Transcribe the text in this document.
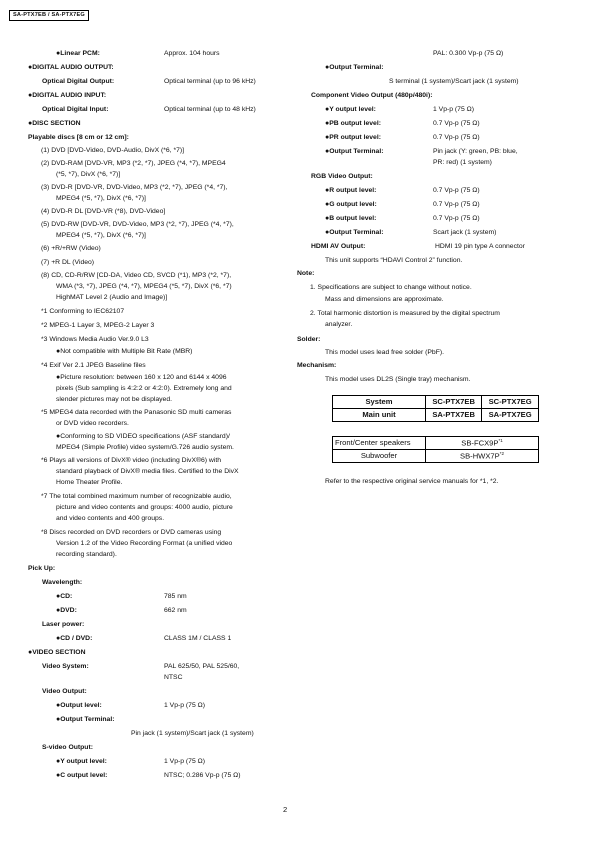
SA-PTX7EB / SA-PTX7EG
● Linear PCM:	Approx. 104 hours
● DIGITAL AUDIO OUTPUT:
Optical Digital Output:	Optical terminal (up to 96 kHz)
● DIGITAL AUDIO INPUT:
Optical Digital Input:	Optical terminal (up to 48 kHz)
● DISC SECTION
Playable discs [8 cm or 12 cm]:
(1) DVD [DVD-Video, DVD-Audio, DivX (*6, *7)]
(2) DVD-RAM [DVD-VR, MP3 (*2, *7), JPEG (*4, *7), MPEG4
(*5, *7), DivX (*6, *7)]
(3) DVD-R [DVD-VR, DVD-Video, MP3 (*2, *7), JPEG (*4, *7),
MPEG4 (*5, *7), DivX (*6, *7)]
(4) DVD-R DL [DVD-VR (*8), DVD-Video]
(5) DVD-RW [DVD-VR, DVD-Video, MP3 (*2, *7), JPEG (*4, *7),
MPEG4 (*5, *7), DivX (*6, *7)]
(6) +R/+RW (Video)
(7) +R DL (Video)
(8) CD, CD-R/RW [CD-DA, Video CD, SVCD (*1), MP3 (*2, *7),
WMA (*3, *7), JPEG (*4, *7), MPEG4 (*5, *7), DivX (*6, *7)
HighMAT Level 2 (Audio and Image)]
*1 Conforming to IEC62107
*2 MPEG-1 Layer 3, MPEG-2 Layer 3
*3 Windows Media Audio Ver.9.0 L3
● Not compatible with Multiple Bit Rate (MBR)
*4 Exif Ver 2.1 JPEG Baseline files
● Picture resolution: between 160 x 120 and 6144 x 4096
pixels (Sub sampling is 4:2:2 or 4:2:0). Extremely long and
slender pictures may not be displayed.
*5 MPEG4 data recorded with the Panasonic SD multi cameras
or DVD video recorders.
● Conforming to SD VIDEO specifications (ASF standard)/
MPEG4 (Simple Profile) video system/G.726 audio system.
*6 Plays all versions of DivX® video (including DivX®6) with
standard playback of DivX® media files. Certified to the DivX
Home Theater Profile.
*7 The total combined maximum number of recognizable audio,
picture and video contents and groups: 4000 audio, picture
and video contents and 400 groups.
*8 Discs recorded on DVD recorders or DVD cameras using
Version 1.2 of the Video Recording Format (a unified video
recording standard).
Pick Up:
Wavelength:
● CD:	785 nm
● DVD:	662 nm
Laser power:
● CD / DVD:	CLASS 1M / CLASS 1
● VIDEO SECTION
Video System:	PAL 625/50, PAL 525/60,
NTSC
Video Output:
● Output level:	1 Vp-p (75 Ω)
● Output Terminal:
Pin jack (1 system)/Scart jack (1 system)
S-video Output:
● Y output level:	1 Vp-p (75 Ω)
● C output level:	NTSC; 0.286 Vp-p (75 Ω)
PAL: 0.300 Vp-p (75 Ω)
● Output Terminal:
S terminal (1 system)/Scart jack (1 system)
Component Video Output (480p/480i):
● Y output level:	1 Vp-p (75 Ω)
● PB output level:	0.7 Vp-p (75 Ω)
● PR output level:	0.7 Vp-p (75 Ω)
● Output Terminal:	Pin jack (Y: green, PB: blue,
PR: red) (1 system)
RGB Video Output:
● R output level:	0.7 Vp-p (75 Ω)
● G output level:	0.7 Vp-p (75 Ω)
● B output level:	0.7 Vp-p (75 Ω)
● Output Terminal:	Scart jack (1 system)
HDMI AV Output:	HDMI 19 pin type A connector
This unit supports “HDAVI Control 2” function.
Note:
1. Specifications are subject to change without notice.
Mass and dimensions are approximate.
2. Total harmonic distortion is measured by the digital spectrum
analyzer.
Solder:
This model uses lead free solder (PbF).
Mechanism:
This model uses DL2S (Single tray) mechanism.
System	SC-PTX7EB	SC-PTX7EG
Main unit	SA-PTX7EB	SA-PTX7EG
Front/Center speakers	$SB-FCX9P^{*1}$
Subwoofer	$SB-HWX7P^{*2}$
Refer to the respective original service manuals for *1, *2.
2
